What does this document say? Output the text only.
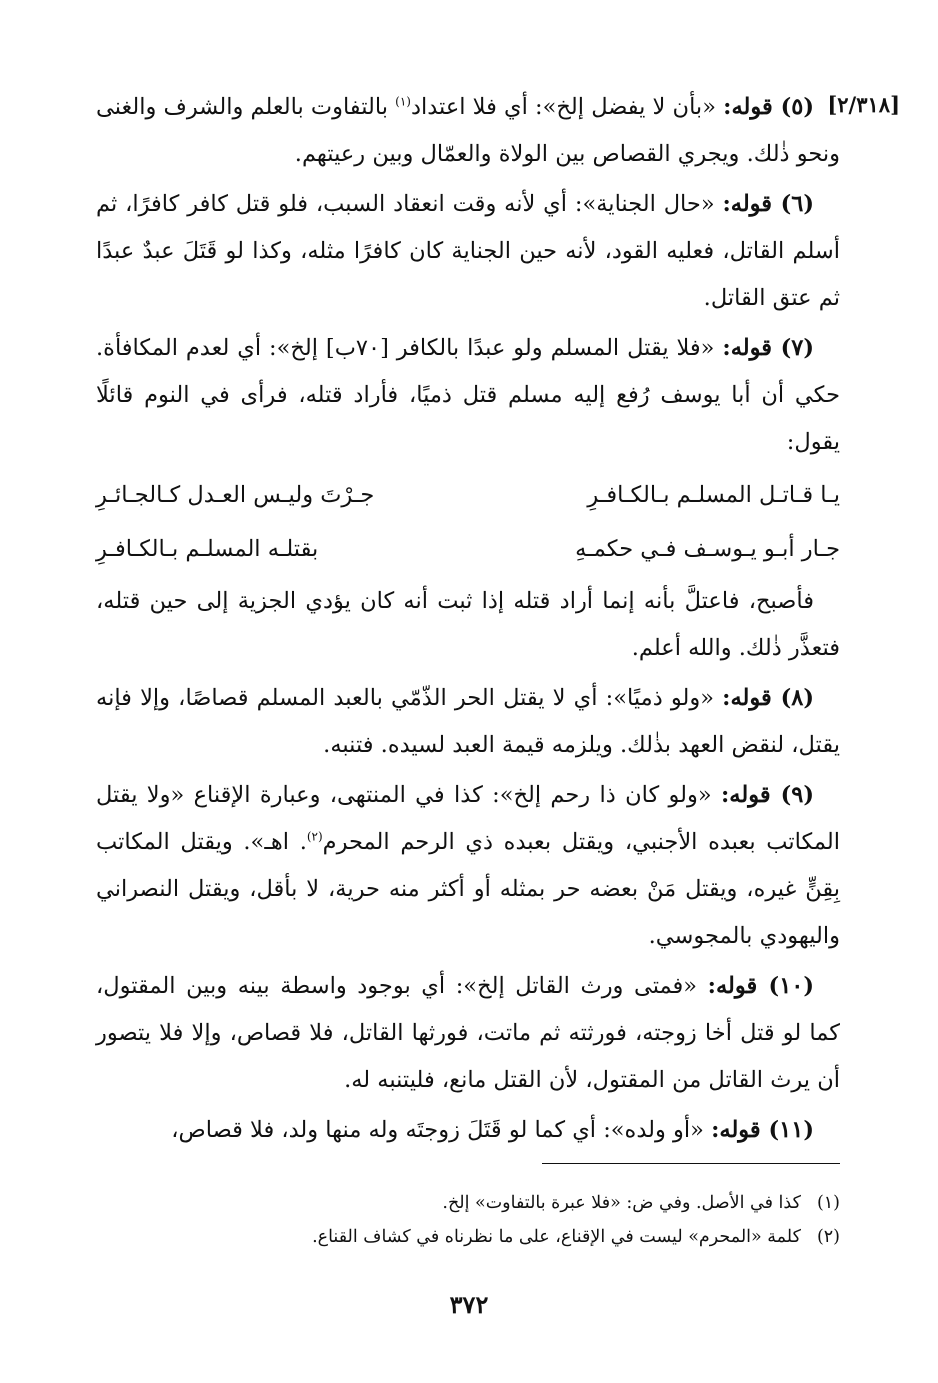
[٢/٣١٨]

(٥) قوله: «بأن لا يفضل إلخ»: أي فلا اعتداد$^{(١)}$ بالتفاوت بالعلم والشرف والغنى ونحو ذٰلك. ويجري القصاص بين الولاة والعمّال وبين رعيتهم.

(٦) قوله: «حال الجناية»: أي لأنه وقت انعقاد السبب، فلو قتل كافر كافرًا، ثم أسلم القاتل، فعليه القود، لأنه حين الجناية كان كافرًا مثله، وكذا لو قَتَلَ عبدٌ عبدًا ثم عتق القاتل.

(٧) قوله: «فلا يقتل المسلم ولو عبدًا بالكافر [٧٠ب] إلخ»: أي لعدم المكافأة. حكي أن أبا يوسف رُفع إليه مسلم قتل ذميًا، فأراد قتله، فرأى في النوم قائلًا يقول:

يـا قـاتـل المسلـم بـالكـافـرِ
جـرْتَ وليـس العـدل كـالجـائـرِ
جـار أبـو يـوسـف فـي حكمـهِ
بقتلـه المسلـم بـالكـافـرِ

فأصبح، فاعتلَّ بأنه إنما أراد قتله إذا ثبت أنه كان يؤدي الجزية إلى حين قتله، فتعذَّر ذٰلك. والله أعلم.

(٨) قوله: «ولو ذميًا»: أي لا يقتل الحر الذّمّي بالعبد المسلم قصاصًا، وإلا فإنه يقتل، لنقض العهد بذٰلك. ويلزمه قيمة العبد لسيده. فتنبه.

(٩) قوله: «ولو كان ذا رحم إلخ»: كذا في المنتهى، وعبارة الإقناع «ولا يقتل المكاتب بعبده الأجنبي، ويقتل بعبده ذي الرحم المحرم$^{(٢)}$. اهـ». ويقتل المكاتب بِقِنٍّ غيره، ويقتل مَنْ بعضه حر بمثله أو أكثر منه حرية، لا بأقل، ويقتل النصراني واليهودي بالمجوسي.

(١٠) قوله: «فمتى ورث القاتل إلخ»: أي بوجود واسطة بينه وبين المقتول، كما لو قتل أخا زوجته، فورثته ثم ماتت، فورثها القاتل، فلا قصاص، وإلا فلا يتصور أن يرث القاتل من المقتول، لأن القتل مانع، فليتنبه له.

(١١) قوله: «أو ولده»: أي كما لو قَتَلَ زوجتَه وله منها ولد، فلا قصاص،

(١)
كذا في الأصل. وفي ض: «فلا عبرة بالتفاوت» إلخ.
(٢)
كلمة «المحرم» ليست في الإقناع، على ما نظرناه في كشاف القناع.
٣٧٢
